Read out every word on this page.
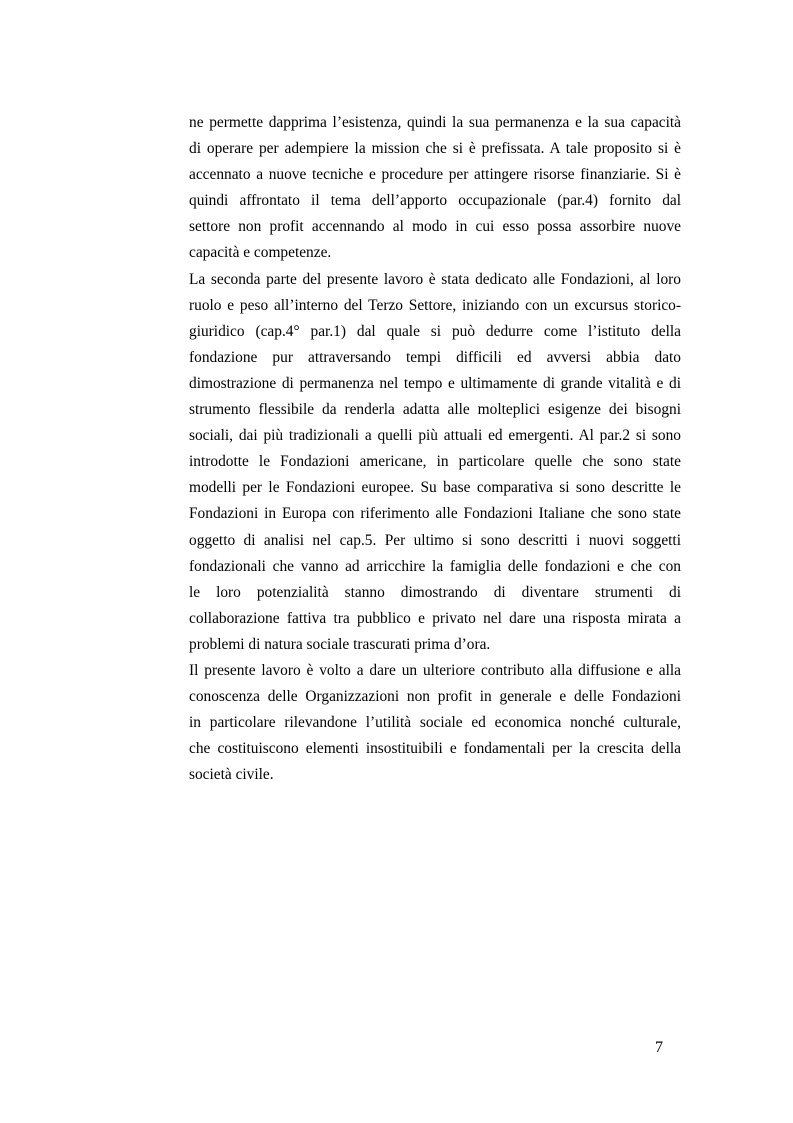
ne permette dapprima l’esistenza, quindi la sua permanenza e la sua capacità
di operare per adempiere la mission che si è prefissata. A tale proposito si è
accennato a nuove tecniche e procedure per attingere risorse finanziarie. Si è
quindi affrontato il tema dell’apporto occupazionale (par.4) fornito dal
settore non profit accennando al modo in cui esso possa assorbire nuove
capacità e competenze.

La seconda parte del presente lavoro è stata dedicato alle Fondazioni, al loro
ruolo e peso all’interno del Terzo Settore, iniziando con un excursus storico-
giuridico (cap.4° par.1) dal quale si può dedurre come l’istituto della
fondazione pur attraversando tempi difficili ed avversi abbia dato
dimostrazione di permanenza nel tempo e ultimamente di grande vitalità e di
strumento flessibile da renderla adatta alle molteplici esigenze dei bisogni
sociali, dai più tradizionali a quelli più attuali ed emergenti. Al par.2 si sono
introdotte le Fondazioni americane, in particolare quelle che sono state
modelli per le Fondazioni europee. Su base comparativa si sono descritte le
Fondazioni in Europa con riferimento alle Fondazioni Italiane che sono state
oggetto di analisi nel cap.5. Per ultimo si sono descritti i nuovi soggetti
fondazionali che vanno ad arricchire la famiglia delle fondazioni e che con
le loro potenzialità stanno dimostrando di diventare strumenti di
collaborazione fattiva tra pubblico e privato nel dare una risposta mirata a
problemi di natura sociale trascurati prima d’ora.

Il presente lavoro è volto a dare un ulteriore contributo alla diffusione e alla
conoscenza delle Organizzazioni non profit in generale e delle Fondazioni
in particolare rilevandone l’utilità sociale ed economica nonché culturale,
che costituiscono elementi insostituibili e fondamentali per la crescita della
società civile.

7
